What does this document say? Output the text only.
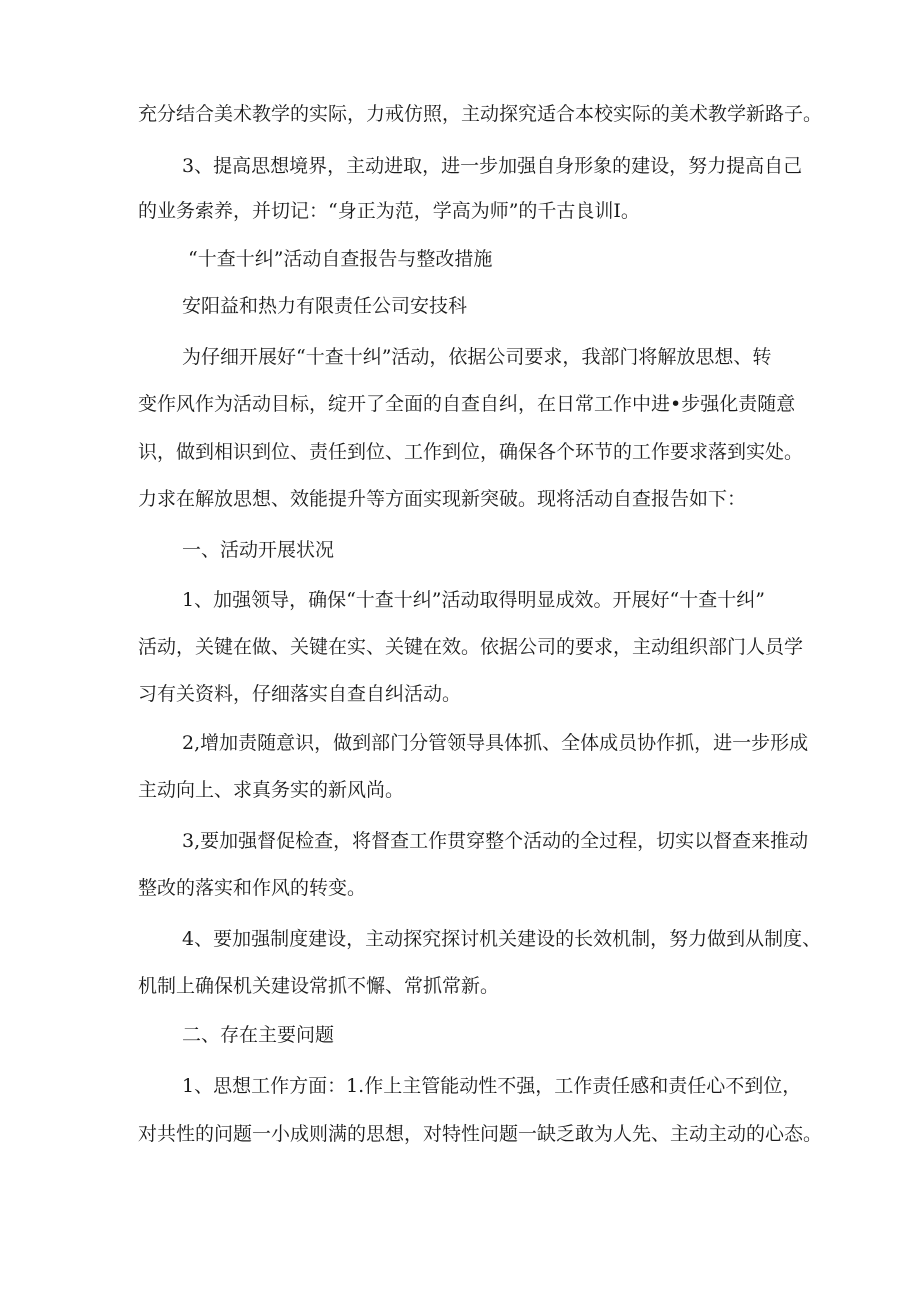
充分结合美术教学的实际，力戒仿照，主动探究适合本校实际的美术教学新路子。
3、提高思想境界，主动进取，进一步加强自身形象的建设，努力提高自己
的业务索养，并切记：“身正为范，学高为师”的千古良训I。
“十查十纠”活动自查报告与整改措施
安阳益和热力有限责任公司安技科
为仔细开展好“十查十纠”活动，依据公司要求，我部门将解放思想、转
变作风作为活动目标，绽开了全面的自查自纠，在日常工作中进•步强化责随意
识，做到相识到位、责任到位、工作到位，确保各个环节的工作要求落到实处。
力求在解放思想、效能提升等方面实现新突破。现将活动自查报告如下：
一、活动开展状况
1、加强领导，确保“十查十纠”活动取得明显成效。开展好“十查十纠”
活动，关键在做、关键在实、关键在效。依据公司的要求，主动组织部门人员学
习有关资料，仔细落实自查自纠活动。
2,增加责随意识，做到部门分管领导具体抓、全体成员协作抓，进一步形成
主动向上、求真务实的新风尚。
3,要加强督促检查，将督查工作贯穿整个活动的全过程，切实以督查来推动
整改的落实和作风的转变。
4、要加强制度建设，主动探究探讨机关建设的长效机制，努力做到从制度、
机制上确保机关建设常抓不懈、常抓常新。
二、存在主要问题
1、思想工作方面：1.作上主管能动性不强，工作责任感和责任心不到位，
对共性的问题一小成则满的思想，对特性问题一缺乏敢为人先、主动主动的心态。
